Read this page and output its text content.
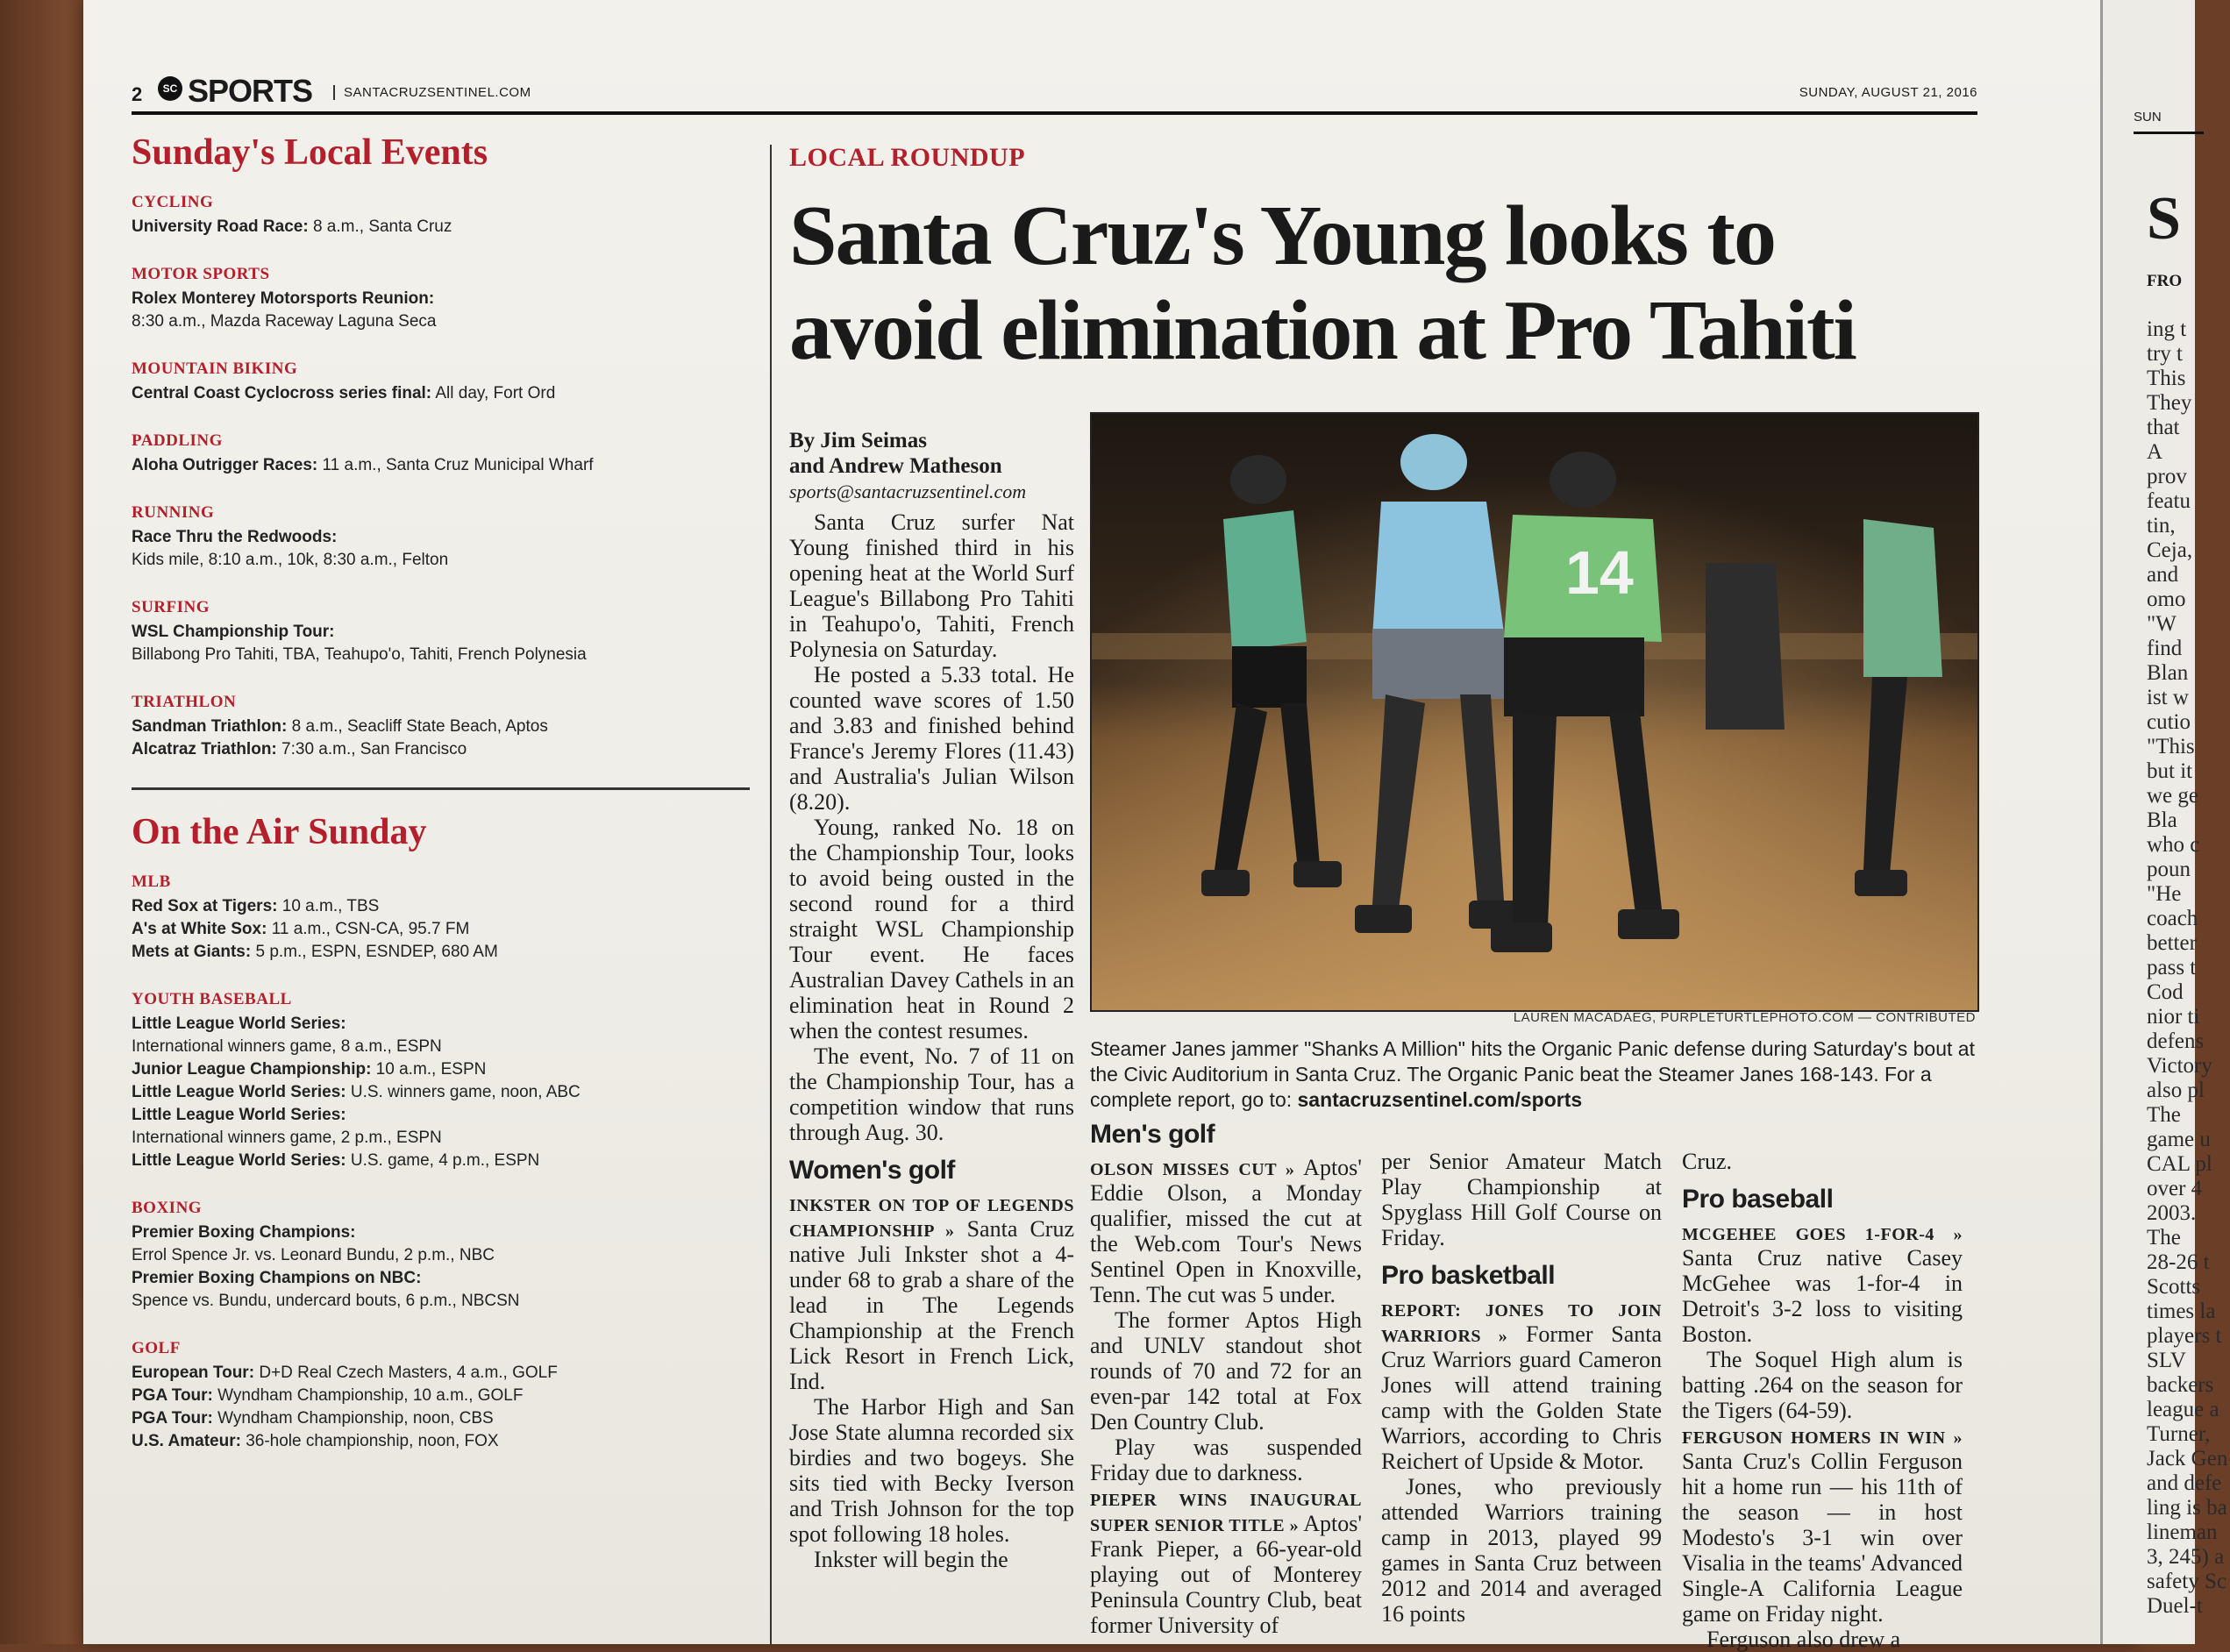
SUN
S
FRO
ing t
try t
This
They
that
A
prov
featu
tin,
Ceja,
and
omo
"W
find
Blan
ist w
cutio
"This
but it
we ge
Bla
who c
poun
"He
coach
better
pass t
Cod
nior ti
defens
Victory
also pl
The
game u
CAL pl
over 4
2003.
The
28-26 t
Scotts
times la
players t
SLV
backers
league a
Turner,
Jack Gen
and defe
ling is ba
lineman
3, 245) a
safety Sc
Duel-t
2	SC SPORTS	SANTACRUZSENTINEL.COM	SUNDAY, AUGUST 21, 2016
Sunday's Local Events
CYCLING
University Road Race: 8 a.m., Santa Cruz
MOTOR SPORTS
Rolex Monterey Motorsports Reunion:
8:30 a.m., Mazda Raceway Laguna Seca
MOUNTAIN BIKING
Central Coast Cyclocross series final: All day, Fort Ord
PADDLING
Aloha Outrigger Races: 11 a.m., Santa Cruz Municipal Wharf
RUNNING
Race Thru the Redwoods:
Kids mile, 8:10 a.m., 10k, 8:30 a.m., Felton
SURFING
WSL Championship Tour:
Billabong Pro Tahiti, TBA, Teahupo'o, Tahiti, French Polynesia
TRIATHLON
Sandman Triathlon: 8 a.m., Seacliff State Beach, Aptos
Alcatraz Triathlon: 7:30 a.m., San Francisco
On the Air Sunday
MLB
Red Sox at Tigers: 10 a.m., TBS
A's at White Sox: 11 a.m., CSN-CA, 95.7 FM
Mets at Giants: 5 p.m., ESPN, ESNDEP, 680 AM
YOUTH BASEBALL
Little League World Series:
International winners game, 8 a.m., ESPN
Junior League Championship: 10 a.m., ESPN
Little League World Series: U.S. winners game, noon, ABC
Little League World Series:
International winners game, 2 p.m., ESPN
Little League World Series: U.S. game, 4 p.m., ESPN
BOXING
Premier Boxing Champions:
Errol Spence Jr. vs. Leonard Bundu, 2 p.m., NBC
Premier Boxing Champions on NBC:
Spence vs. Bundu, undercard bouts, 6 p.m., NBCSN
GOLF
European Tour: D+D Real Czech Masters, 4 a.m., GOLF
PGA Tour: Wyndham Championship, 10 a.m., GOLF
PGA Tour: Wyndham Championship, noon, CBS
U.S. Amateur: 36-hole championship, noon, FOX
LOCAL ROUNDUP
Santa Cruz's Young looks to
avoid elimination at Pro Tahiti
By Jim Seimas
and Andrew Matheson
sports@santacruzsentinel.com

Santa Cruz surfer Nat Young finished third in his opening heat at the World Surf League's Billabong Pro Tahiti in Teahupo'o, Tahiti, French Polynesia on Saturday.

He posted a 5.33 total. He counted wave scores of 1.50 and 3.83 and finished behind France's Jeremy Flores (11.43) and Australia's Julian Wilson (8.20).

Young, ranked No. 18 on the Championship Tour, looks to avoid being ousted in the second round for a third straight WSL Championship Tour event. He faces Australian Davey Cathels in an elimination heat in Round 2 when the contest resumes.

The event, No. 7 of 11 on the Championship Tour, has a competition window that runs through Aug. 30.

Women's golf

INKSTER ON TOP OF LEGENDS CHAMPIONSHIP » Santa Cruz native Juli Inkster shot a 4-under 68 to grab a share of the lead in The Legends Championship at the French Lick Resort in French Lick, Ind.

The Harbor High and San Jose State alumna recorded six birdies and two bogeys. She sits tied with Becky Iverson and Trish Johnson for the top spot following 18 holes.

Inkster will begin the

14
LAUREN MACADAEG, PURPLETURTLEPHOTO.COM — CONTRIBUTED
Steamer Janes jammer "Shanks A Million" hits the Organic Panic defense during Saturday's bout at the Civic Auditorium in Santa Cruz. The Organic Panic beat the Steamer Janes 168-143. For a complete report, go to: santacruzsentinel.com/sports
Men's golf

OLSON MISSES CUT » Aptos' Eddie Olson, a Monday qualifier, missed the cut at the Web.com Tour's News Sentinel Open in Knoxville, Tenn. The cut was 5 under.

The former Aptos High and UNLV standout shot rounds of 70 and 72 for an even-par 142 total at Fox Den Country Club.

Play was suspended Friday due to darkness.

PIEPER WINS INAUGURAL SUPER SENIOR TITLE » Aptos' Frank Pieper, a 66-year-old playing out of Monterey Peninsula Country Club, beat former University of

per Senior Amateur Match Play Championship at Spyglass Hill Golf Course on Friday.

Pro basketball

REPORT: JONES TO JOIN WARRIORS » Former Santa Cruz Warriors guard Cameron Jones will attend training camp with the Golden State Warriors, according to Chris Reichert of Upside & Motor.

Jones, who previously attended Warriors training camp in 2013, played 99 games in Santa Cruz between 2012 and 2014 and averaged 16 points

Cruz.

Pro baseball

MCGEHEE GOES 1-FOR-4 » Santa Cruz native Casey McGehee was 1-for-4 in Detroit's 3-2 loss to visiting Boston.

The Soquel High alum is batting .264 on the season for the Tigers (64-59).

FERGUSON HOMERS IN WIN » Santa Cruz's Collin Ferguson hit a home run — his 11th of the season — in host Modesto's 3-1 win over Visalia in the teams' Advanced Single-A California League game on Friday night.

Ferguson also drew a
